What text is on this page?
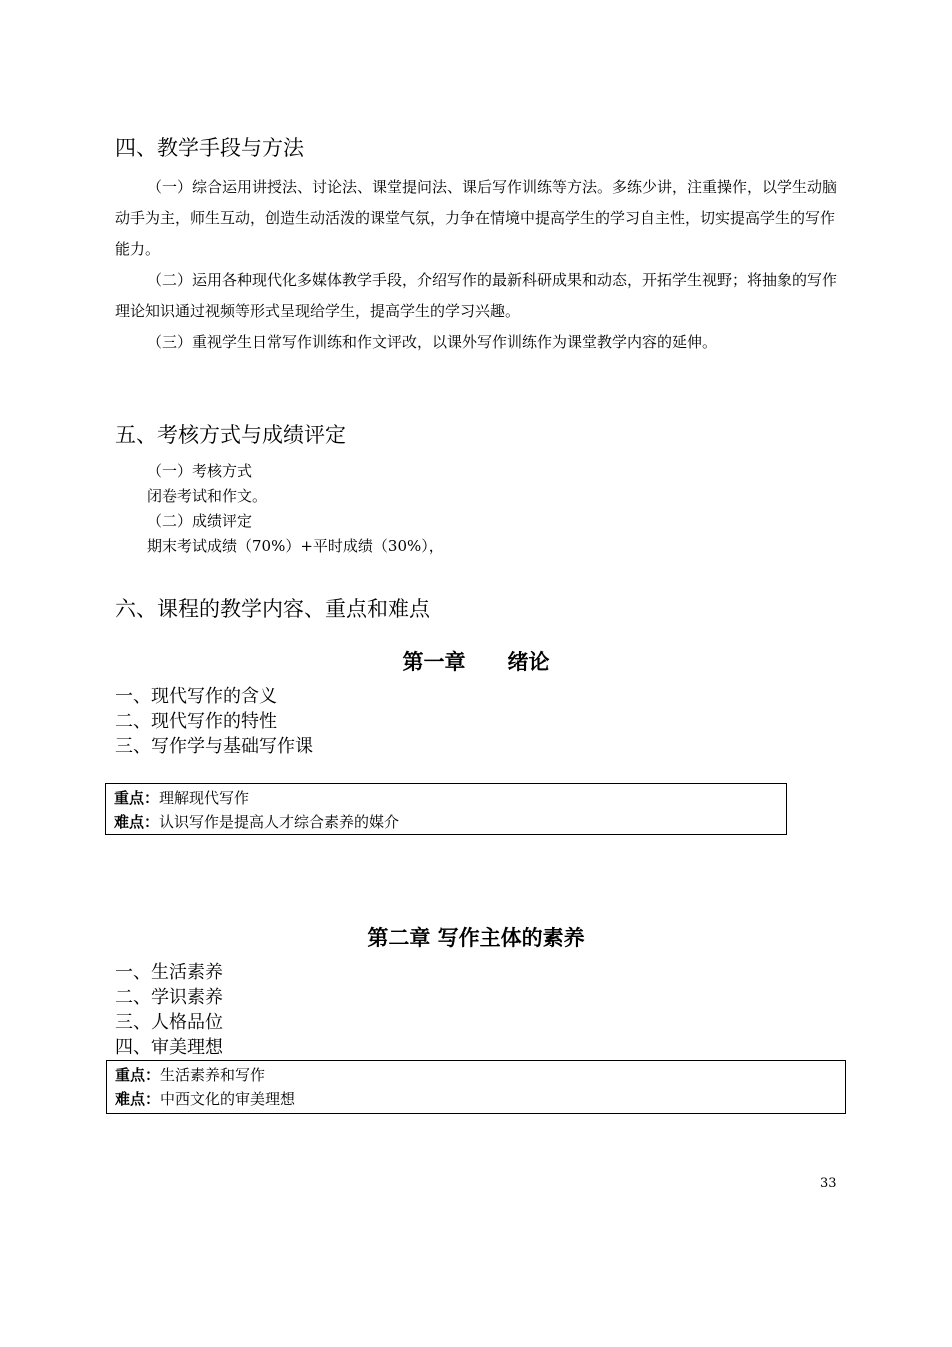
四、教学手段与方法

（一）综合运用讲授法、讨论法、课堂提问法、课后写作训练等方法。多练少讲，注重操作，以学生动脑动手为主，师生互动，创造生动活泼的课堂气氛，力争在情境中提高学生的学习自主性，切实提高学生的写作能力。

（二）运用各种现代化多媒体教学手段，介绍写作的最新科研成果和动态，开拓学生视野；将抽象的写作理论知识通过视频等形式呈现给学生，提高学生的学习兴趣。

（三）重视学生日常写作训练和作文评改，以课外写作训练作为课堂教学内容的延伸。

五、考核方式与成绩评定

（一）考核方式

闭卷考试和作文。

（二）成绩评定

期末考试成绩（70%）+平时成绩（30%），

六、课程的教学内容、重点和难点
第一章　　绪论

一、现代写作的含义

二、现代写作的特性

三、写作学与基础写作课

重点：理解现代写作
难点：认识写作是提高人才综合素养的媒介
第二章 写作主体的素养

一、生活素养

二、学识素养

三、人格品位

四、审美理想

重点：生活素养和写作
难点：中西文化的审美理想
33
